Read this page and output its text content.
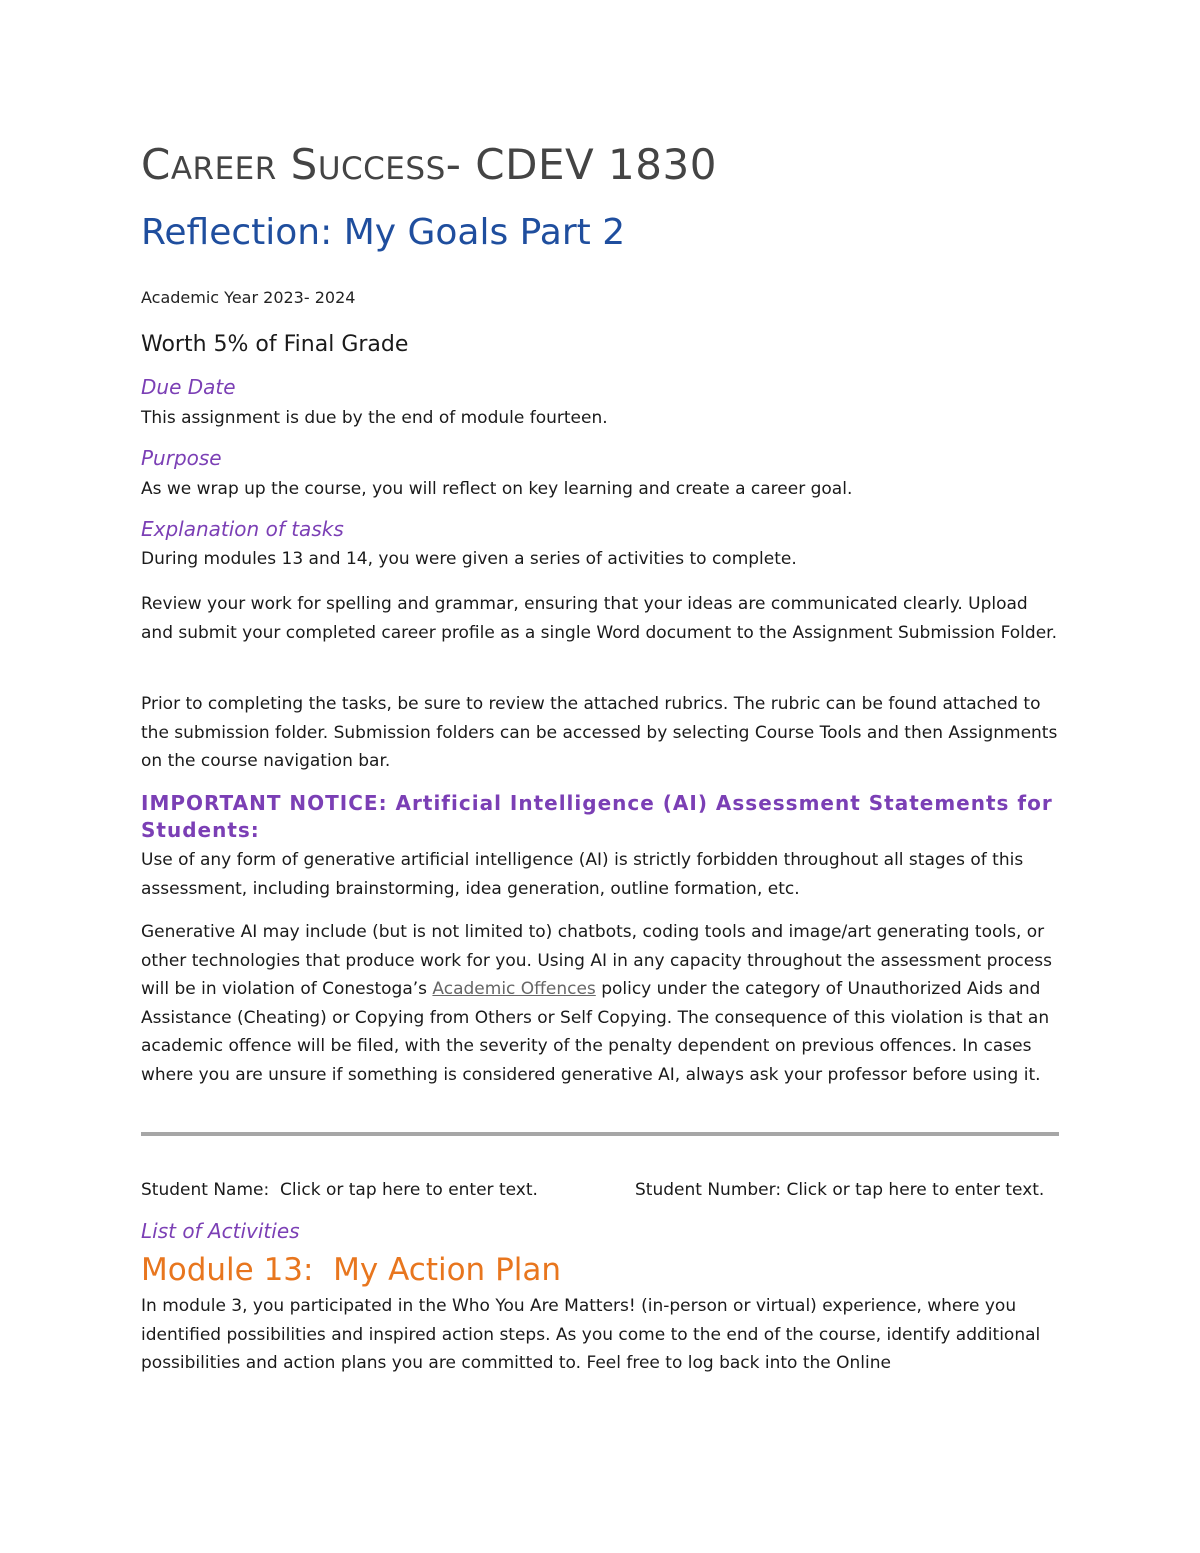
CAREER SUCCESS- CDEV 1830
Reflection: My Goals Part 2
Academic Year 2023- 2024
Worth 5% of Final Grade
Due Date

This assignment is due by the end of module fourteen.

Purpose

As we wrap up the course, you will reflect on key learning and create a career goal.

Explanation of tasks

During modules 13 and 14, you were given a series of activities to complete.

Review your work for spelling and grammar, ensuring that your ideas are communicated clearly. Upload and submit your completed career profile as a single Word document to the Assignment Submission Folder.

Prior to completing the tasks, be sure to review the attached rubrics. The rubric can be found attached to the submission folder. Submission folders can be accessed by selecting Course Tools and then Assignments on the course navigation bar.

IMPORTANT NOTICE: Artificial Intelligence (AI) Assessment Statements for Students:

Use of any form of generative artificial intelligence (AI) is strictly forbidden throughout all stages of this assessment, including brainstorming, idea generation, outline formation, etc.

Generative AI may include (but is not limited to) chatbots, coding tools and image/art generating tools, or other technologies that produce work for you. Using AI in any capacity throughout the assessment process will be in violation of Conestoga’s Academic Offences policy under the category of Unauthorized Aids and Assistance (Cheating) or Copying from Others or Self Copying. The consequence of this violation is that an academic offence will be filed, with the severity of the penalty dependent on previous offences. In cases where you are unsure if something is considered generative AI, always ask your professor before using it.

Student Name: Click or tap here to enter text.	Student Number: Click or tap here to enter text.
List of Activities
Module 13:  My Action Plan

In module 3, you participated in the Who You Are Matters! (in-person or virtual) experience, where you identified possibilities and inspired action steps. As you come to the end of the course, identify additional possibilities and action plans you are committed to. Feel free to log back into the Online
